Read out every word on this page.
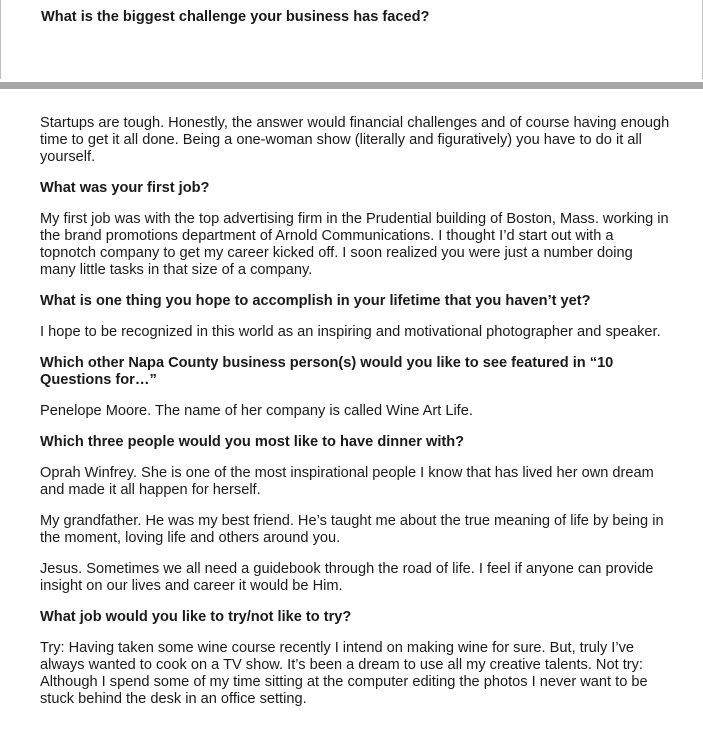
What is the biggest challenge your business has faced?

Startups are tough. Honestly, the answer would financial challenges and of course having enough time to get it all done. Being a one-woman show (literally and figuratively) you have to do it all yourself.

What was your first job?

My first job was with the top advertising firm in the Prudential building of Boston, Mass. working in the brand promotions department of Arnold Communications. I thought I’d start out with a topnotch company to get my career kicked off. I soon realized you were just a number doing many little tasks in that size of a company.

What is one thing you hope to accomplish in your lifetime that you haven’t yet?

I hope to be recognized in this world as an inspiring and motivational photographer and speaker.

Which other Napa County business person(s) would you like to see featured in “10 Questions for…”

Penelope Moore. The name of her company is called Wine Art Life.

Which three people would you most like to have dinner with?

Oprah Winfrey. She is one of the most inspirational people I know that has lived her own dream and made it all happen for herself.

My grandfather. He was my best friend. He’s taught me about the true meaning of life by being in the moment, loving life and others around you.

Jesus. Sometimes we all need a guidebook through the road of life. I feel if anyone can provide insight on our lives and career it would be Him.

What job would you like to try/not like to try?

Try: Having taken some wine course recently I intend on making wine for sure. But, truly I’ve always wanted to cook on a TV show. It’s been a dream to use all my creative talents. Not try: Although I spend some of my time sitting at the computer editing the photos I never want to be stuck behind the desk in an office setting.
